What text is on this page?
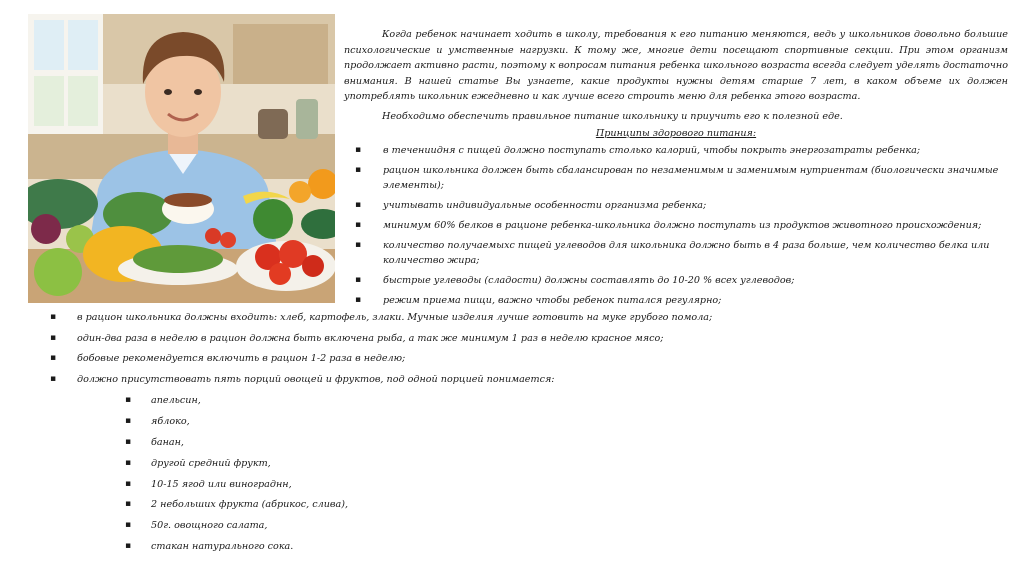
Когда ребенок начинает ходить в школу, требования к его питанию меняются, ведь у школьников довольно большие психологические и умственные нагрузки. К тому же, многие дети посещают спортивные секции. При этом организм продолжает активно расти, поэтому к вопросам питания ребенка школьного возраста всегда следует уделять достаточно внимания. В нашей статье Вы узнаете, какие продукты нужны детям старше 7 лет, в каком объеме их должен употреблять школьник ежедневно и как лучше всего строить меню для ребенка этого возраста.
Необходимо обеспечить правильное питание школьнику и приучить его к полезной еде.
Принципы здорового питания:
▪ в течениидня с пищей должно поступать столько калорий, чтобы покрыть энергозатраты ребенка;
▪ рацион школьника должен быть сбалансирован по незаменимым и заменимым нутриентам (биологически значимые элементы);
▪ учитывать индивидуальные особенности организма ребенка;
▪ минимум 60% белков в рационе ребенка-школьника должно поступать из продуктов животного происхождения;
▪ количество получаемыхс пищей углеводов для школьника должно быть в 4 раза больше, чем количество белка или количество жира;
▪ быстрые углеводы (сладости) должны составлять до 10-20 % всех углеводов;
▪ режим приема пищи, важно чтобы ребенок питался регулярно;
▪ в рацион школьника должны входить: хлеб, картофель, злаки. Мучные изделия лучше готовить на муке грубого помола;
▪ один-два раза в неделю в рацион должна быть включена рыба, а так же минимум 1 раз в неделю красное мясо;
▪ бобовые рекомендуется включить в рацион 1-2 раза в неделю;
▪ должно присутствовать пять порций овощей и фруктов, под одной порцией понимается:
▪ апельсин,
▪ яблоко,
▪ банан,
▪ другой средний фрукт,
▪ 10-15 ягод или винограднн,
▪ 2 небольших фрукта (абрикос, слива),
▪ 50г. овощного салата,
▪ стакан натурального сока.
